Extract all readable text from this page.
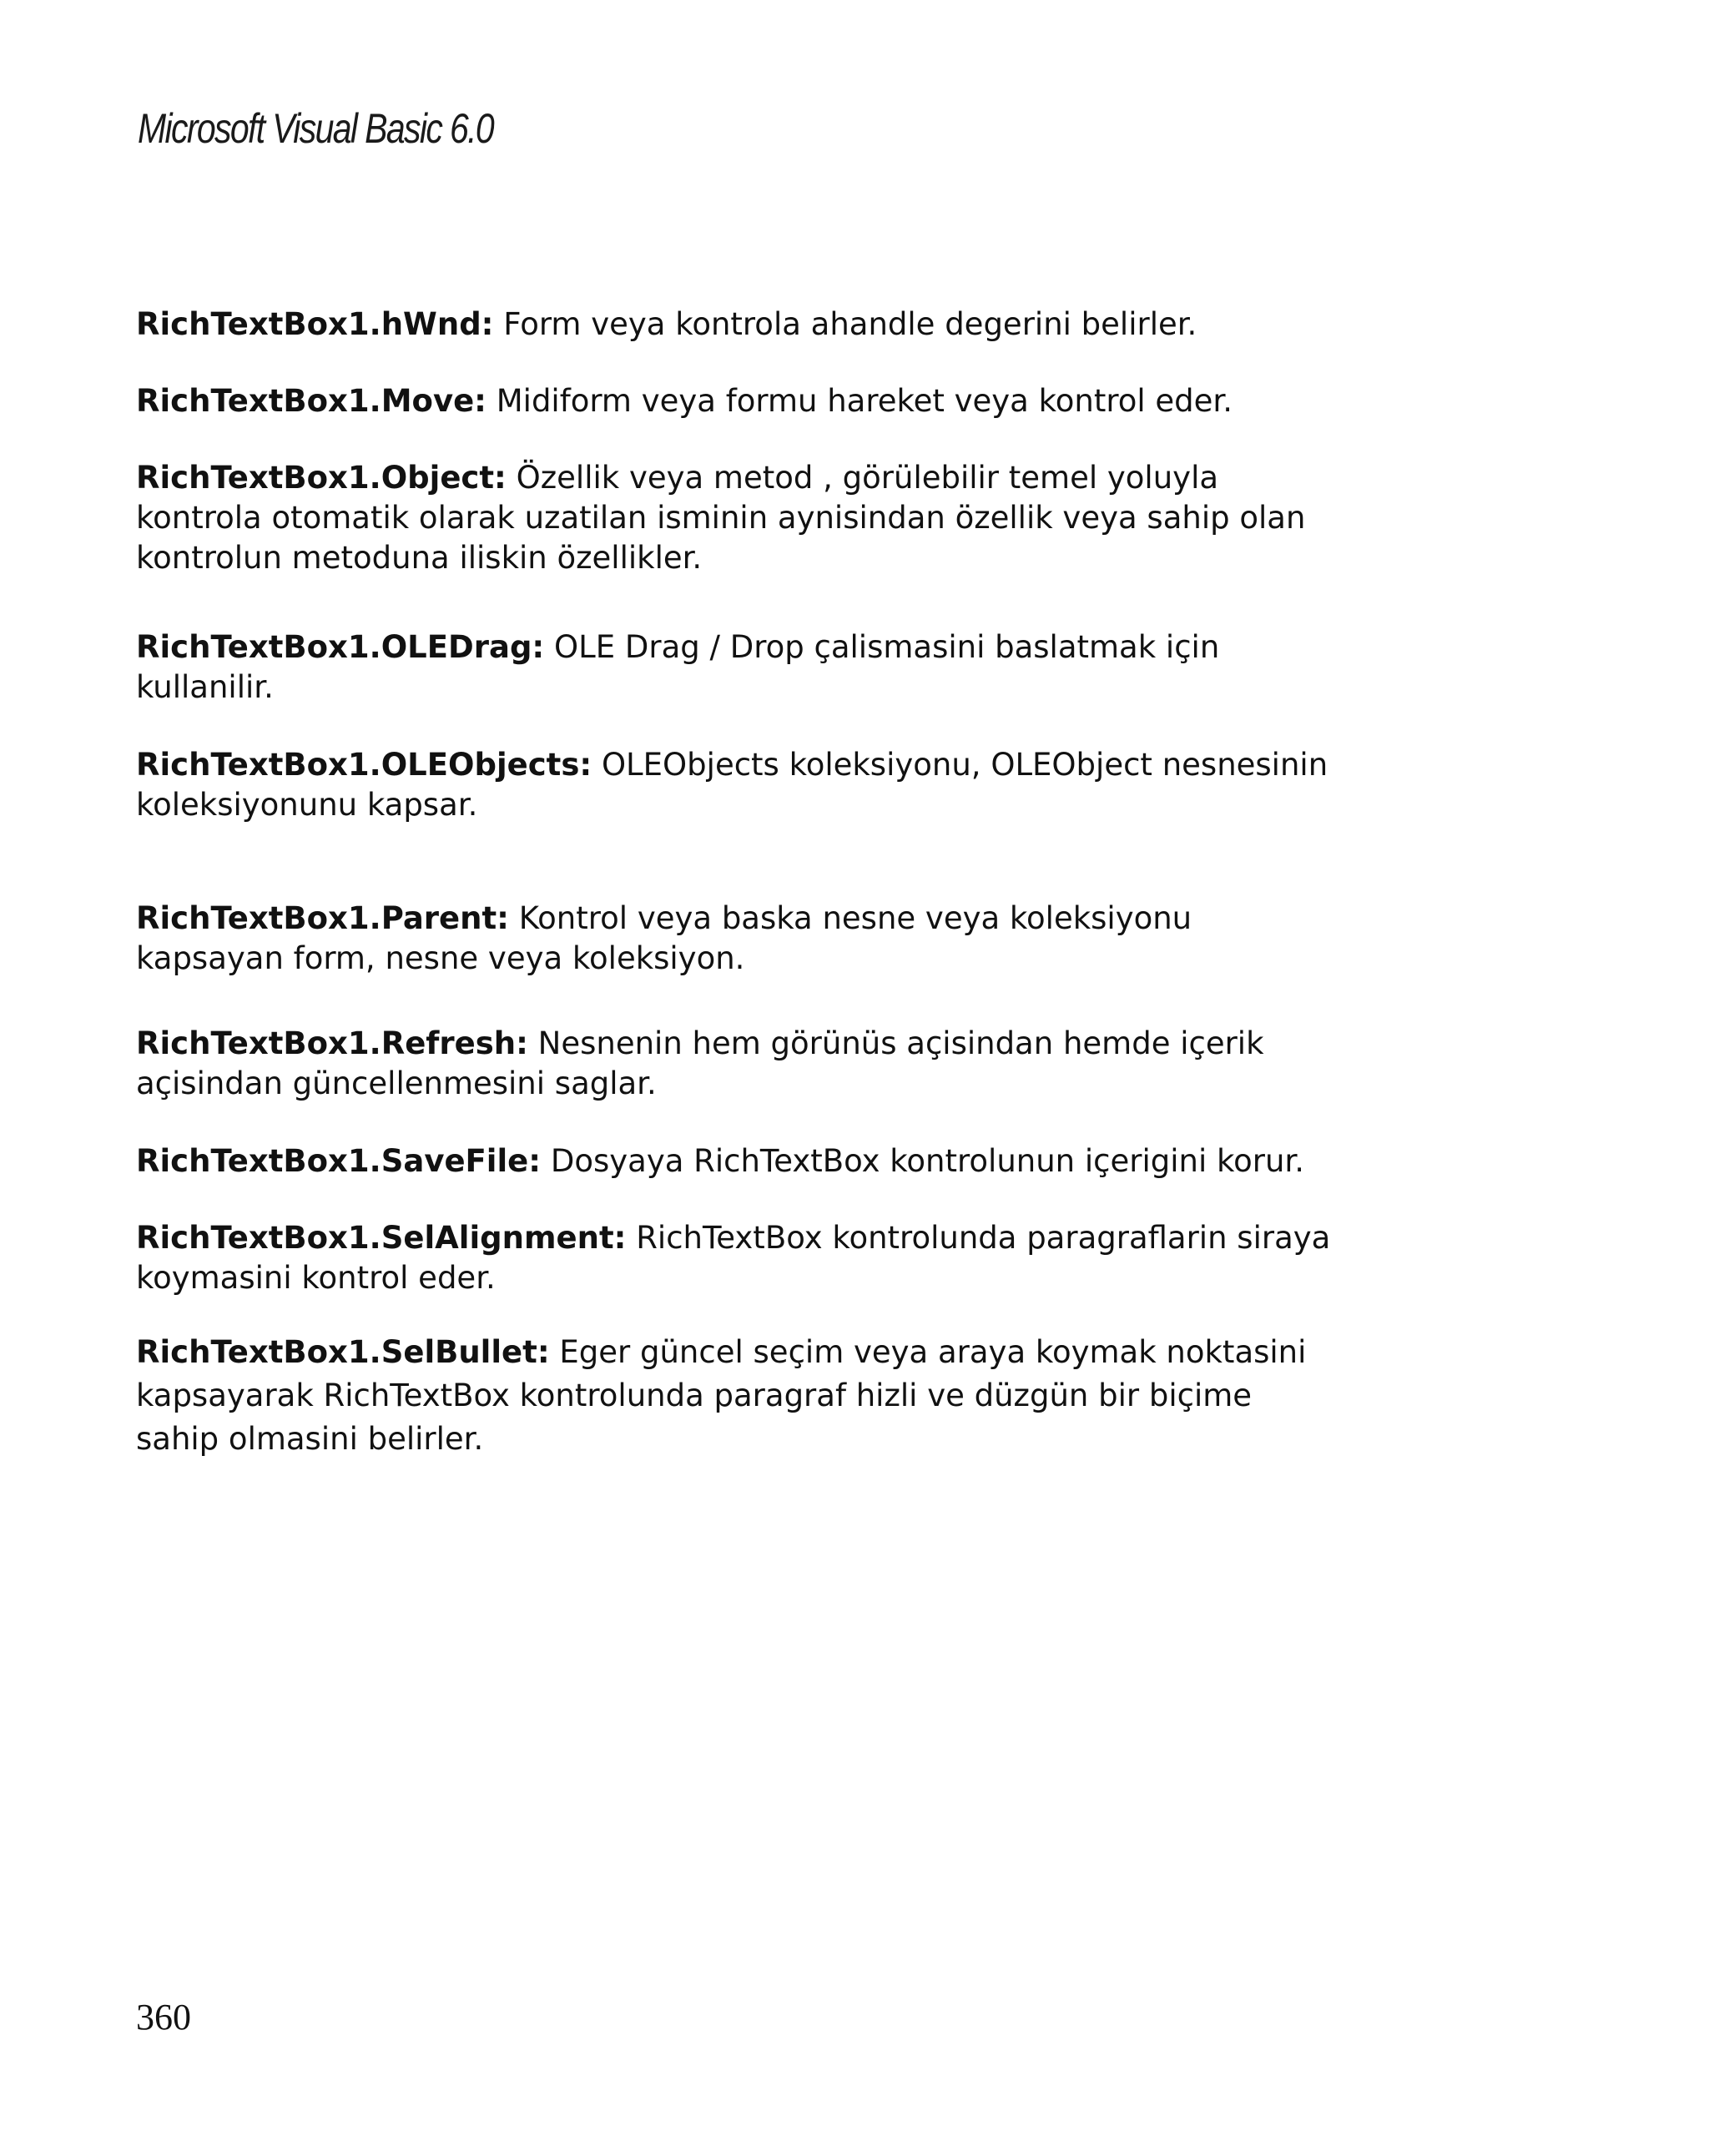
Microsoft Visual Basic 6.0
RichTextBox1.hWnd: Form veya kontrola ahandle degerini belirler.
RichTextBox1.Move: Midiform veya formu hareket veya kontrol eder.
RichTextBox1.Object: Özellik veya metod , görülebilir temel yoluyla
kontrola otomatik olarak uzatilan isminin aynisindan özellik veya sahip olan
kontrolun metoduna iliskin özellikler.
RichTextBox1.OLEDrag: OLE Drag / Drop çalismasini baslatmak için
kullanilir.
RichTextBox1.OLEObjects: OLEObjects koleksiyonu, OLEObject nesnesinin
koleksiyonunu kapsar.
RichTextBox1.Parent: Kontrol veya baska nesne veya koleksiyonu
kapsayan form, nesne veya koleksiyon.
RichTextBox1.Refresh: Nesnenin hem görünüs açisindan hemde içerik
açisindan güncellenmesini saglar.
RichTextBox1.SaveFile: Dosyaya RichTextBox kontrolunun içerigini korur.
RichTextBox1.SelAlignment: RichTextBox kontrolunda paragraflarin siraya
koymasini kontrol eder.
RichTextBox1.SelBullet: Eger güncel seçim veya araya koymak noktasini
kapsayarak RichTextBox kontrolunda paragraf hizli ve düzgün bir biçime
sahip olmasini belirler.
360
